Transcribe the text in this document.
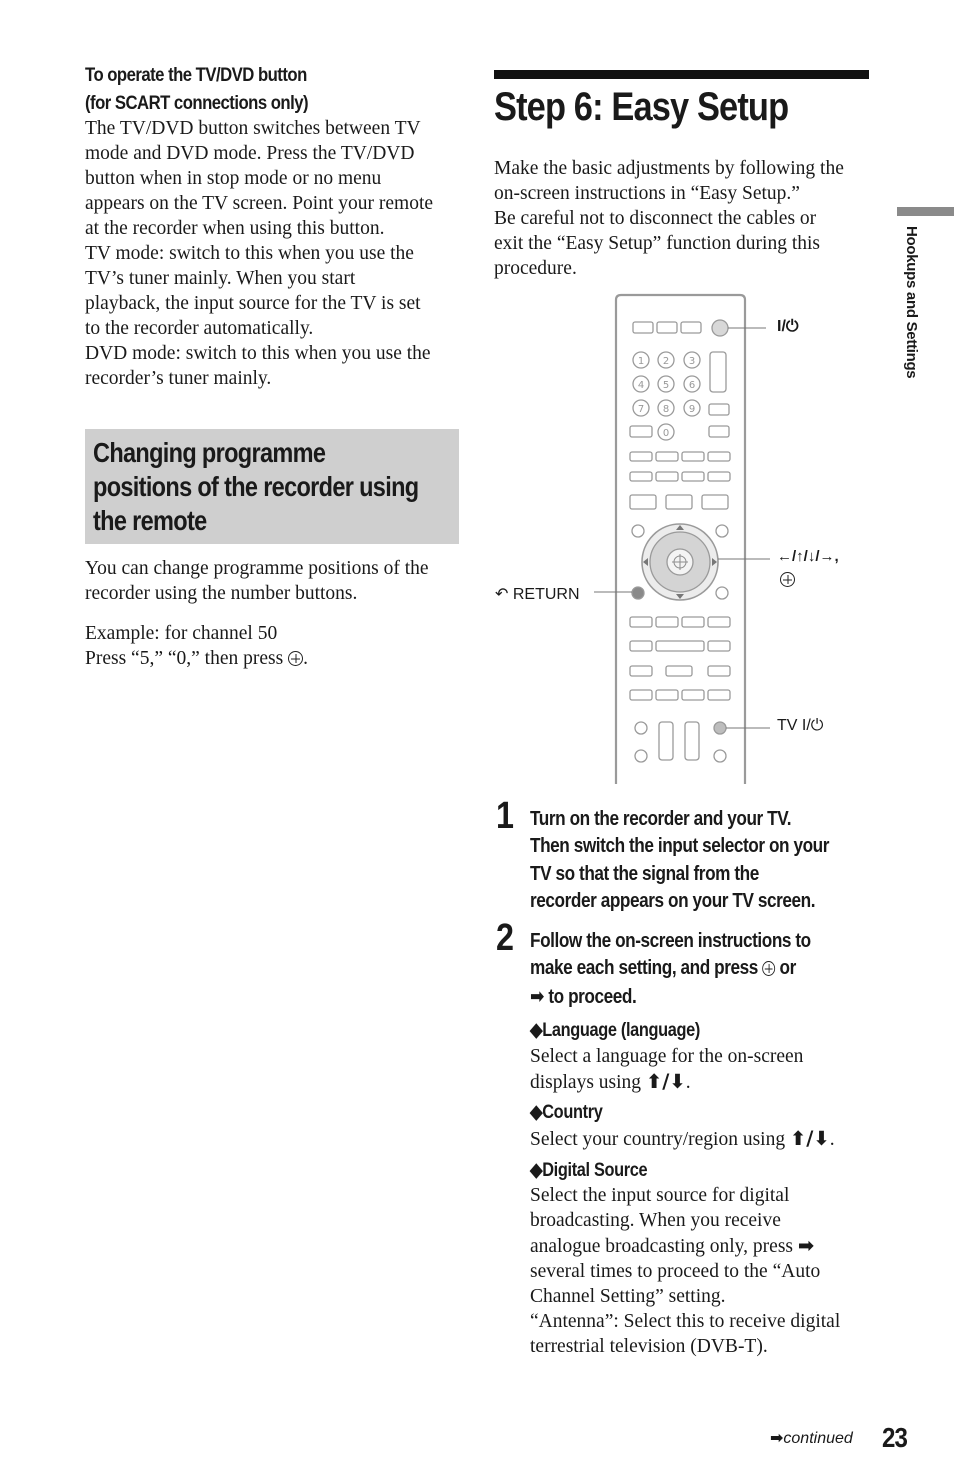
To operate the TV/DVD button
(for SCART connections only)

The TV/DVD button switches between TV

mode and DVD mode. Press the TV/DVD

button when in stop mode or no menu

appears on the TV screen. Point your remote

at the recorder when using this button.

TV mode: switch to this when you use the

TV’s tuner mainly. When you start

playback, the input source for the TV is set

to the recorder automatically.

DVD mode: switch to this when you use the

recorder’s tuner mainly.

Changing programme
positions of the recorder using
the remote

You can change programme positions of the

recorder using the number buttons.

Example: for channel 50

Press “5,” “0,” then press .

Step 6: Easy Setup

Make the basic adjustments by following the

on-screen instructions in “Easy Setup.”

Be careful not to disconnect the cables or

exit the “Easy Setup” function during this

procedure.

1 2 3
4 5 6
7 8 9
0
I/⏻
←/↑/↓/→,
↶ RETURN
TV I/⏻
1 Turn on the recorder and your TV.
Then switch the input selector on your
TV so that the signal from the
recorder appears on your TV screen.
2 Follow the on-screen instructions to
make each setting, and press or
➡ to proceed.
◆Language (language)

Select a language for the on-screen

displays using ⬆/⬇.

◆Country

Select your country/region using ⬆/⬇.

◆Digital Source

Select the input source for digital

broadcasting. When you receive

analogue broadcasting only, press ➡

several times to proceed to the “Auto

Channel Setting” setting.

“Antenna”: Select this to receive digital

terrestrial television (DVB-T).

Hookups and Settings
➡continued 23
